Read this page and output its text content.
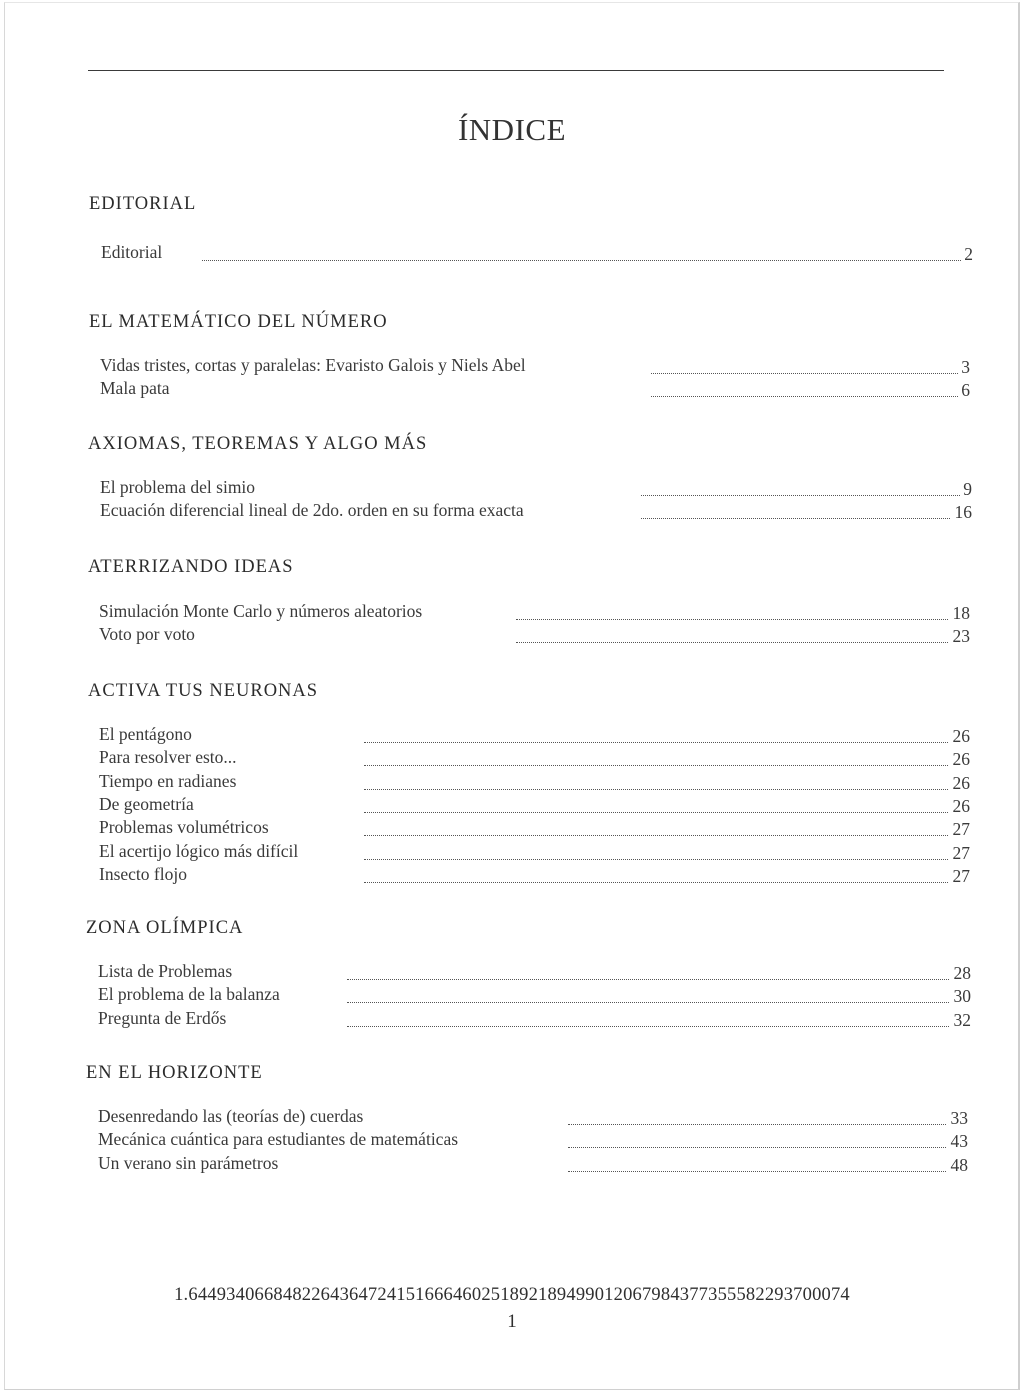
ÍNDICE
EDITORIAL
Editorial	2
EL MATEMÁTICO DEL NÚMERO
Vidas tristes, cortas y paralelas: Evaristo Galois y Niels Abel	3
Mala pata	6
AXIOMAS, TEOREMAS Y ALGO MÁS
El problema del simio	9
Ecuación diferencial lineal de 2do. orden en su forma exacta	16
ATERRIZANDO IDEAS
Simulación Monte Carlo y números aleatorios	18
Voto por voto	23
ACTIVA TUS NEURONAS
El pentágono	26
Para resolver esto...	26
Tiempo en radianes	26
De geometría	26
Problemas volumétricos	27
El acertijo lógico más difícil	27
Insecto flojo	27
ZONA OLÍMPICA
Lista de Problemas	28
El problema de la balanza	30
Pregunta de Erdős	32
EN EL HORIZONTE
Desenredando las (teorías de) cuerdas	33
Mecánica cuántica para estudiantes de matemáticas	43
Un verano sin parámetros	48
1.6449340668482264364724151666460251892189499012067984377355582293700074
1
